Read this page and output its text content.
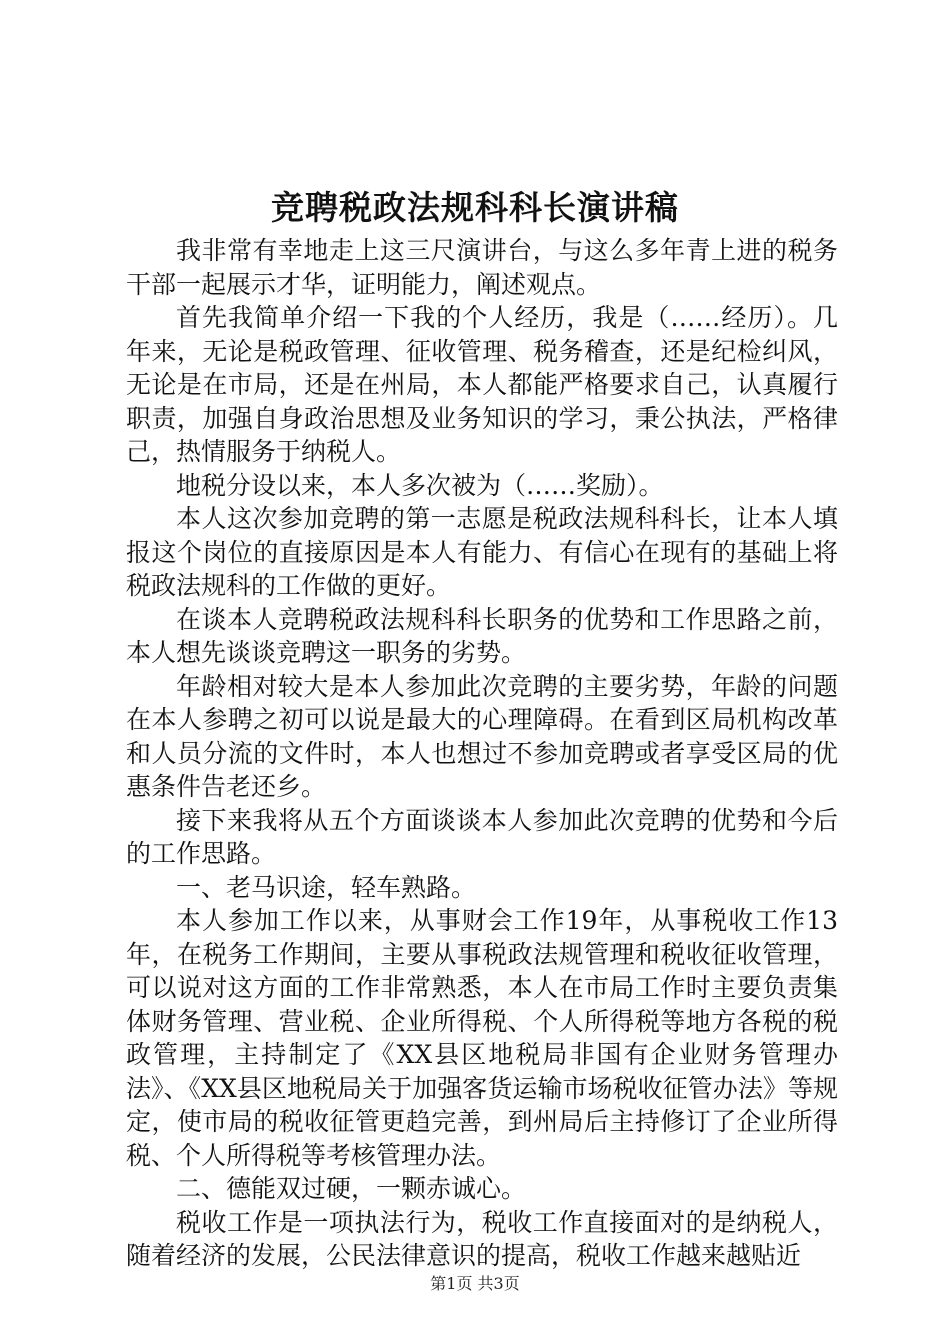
竞聘税政法规科科长演讲稿

我非常有幸地走上这三尺演讲台，与这么多年青上进的税务干部一起展示才华，证明能力，阐述观点。

首先我简单介绍一下我的个人经历，我是（……经历）。几年来，无论是税政管理、征收管理、税务稽查，还是纪检纠风，无论是在市局，还是在州局，本人都能严格要求自己，认真履行职责，加强自身政治思想及业务知识的学习，秉公执法，严格律己，热情服务于纳税人。

地税分设以来，本人多次被为（……奖励）。

本人这次参加竞聘的第一志愿是税政法规科科长，让本人填报这个岗位的直接原因是本人有能力、有信心在现有的基础上将税政法规科的工作做的更好。

在谈本人竞聘税政法规科科长职务的优势和工作思路之前，本人想先谈谈竞聘这一职务的劣势。

年龄相对较大是本人参加此次竞聘的主要劣势，年龄的问题在本人参聘之初可以说是最大的心理障碍。在看到区局机构改革和人员分流的文件时，本人也想过不参加竞聘或者享受区局的优惠条件告老还乡。

接下来我将从五个方面谈谈本人参加此次竞聘的优势和今后的工作思路。

一、老马识途，轻车熟路。

本人参加工作以来，从事财会工作19年，从事税收工作13年，在税务工作期间，主要从事税政法规管理和税收征收管理，可以说对这方面的工作非常熟悉，本人在市局工作时主要负责集体财务管理、营业税、企业所得税、个人所得税等地方各税的税政管理，主持制定了《XX县区地税局非国有企业财务管理办法》、《XX县区地税局关于加强客货运输市场税收征管办法》等规定，使市局的税收征管更趋完善，到州局后主持修订了企业所得税、个人所得税等考核管理办法。

二、德能双过硬，一颗赤诚心。

税收工作是一项执法行为，税收工作直接面对的是纳税人，随着经济的发展，公民法律意识的提高，税收工作越来越贴近

第1页 共3页
